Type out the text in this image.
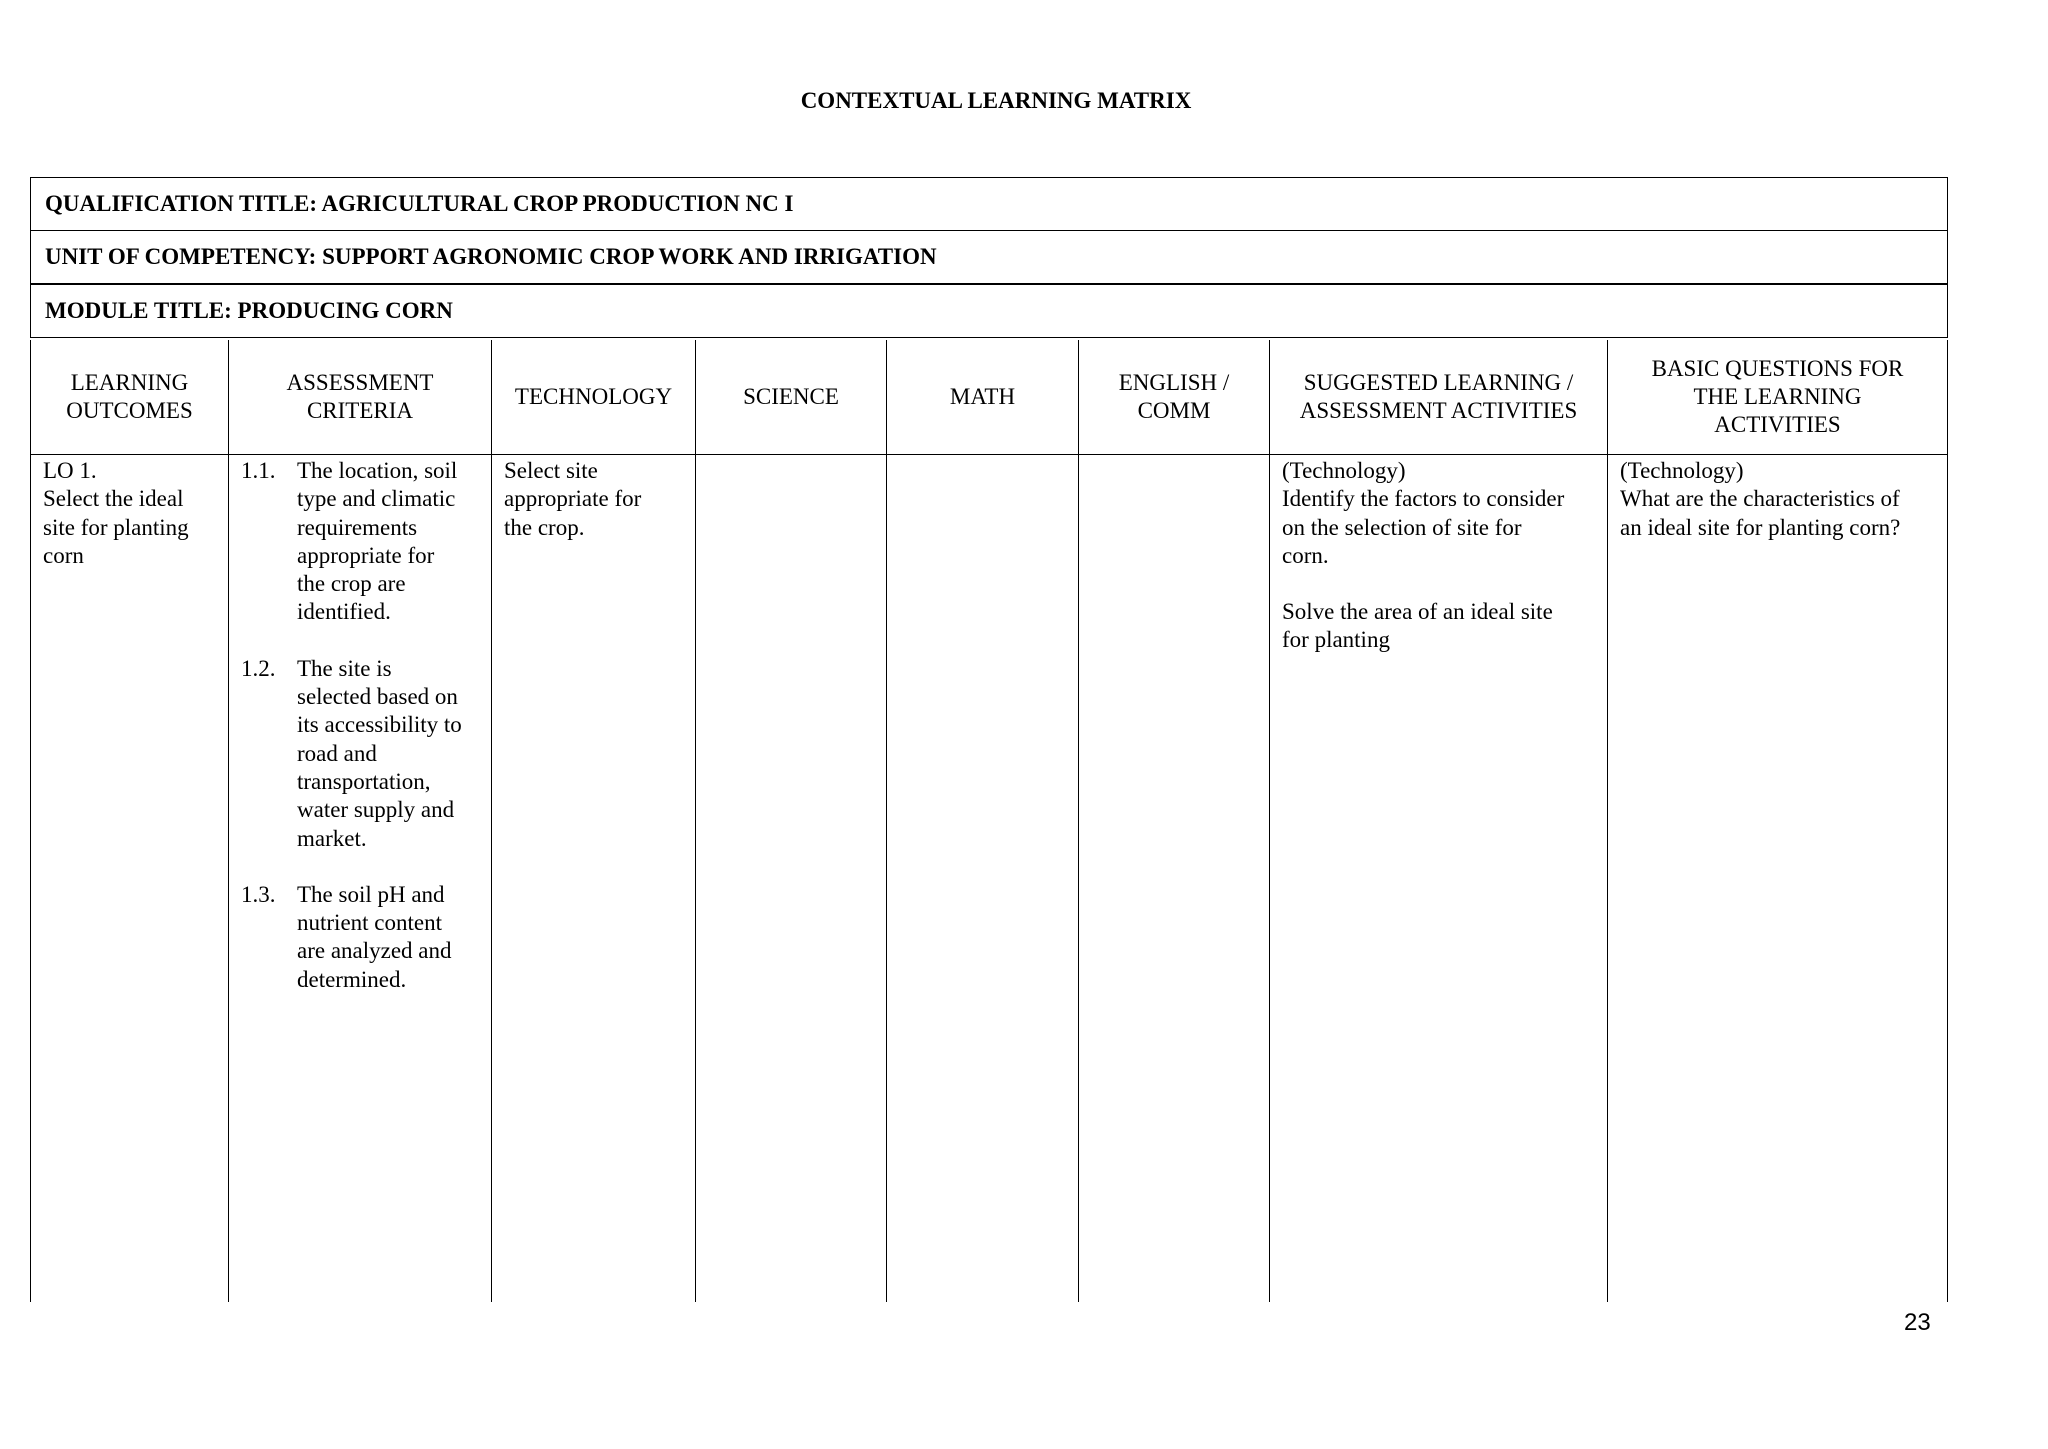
CONTEXTUAL LEARNING MATRIX
QUALIFICATION TITLE: AGRICULTURAL CROP PRODUCTION NC I
UNIT OF COMPETENCY: SUPPORT AGRONOMIC CROP WORK AND IRRIGATION
MODULE TITLE: PRODUCING CORN
LEARNING
OUTCOMES
ASSESSMENT
CRITERIA
TECHNOLOGY	SCIENCE	MATH
ENGLISH /
COMM
SUGGESTED LEARNING /
ASSESSMENT ACTIVITIES
BASIC QUESTIONS FOR
THE LEARNING
ACTIVITIES
LO 1.
Select the ideal
site for planting
corn
1.1. The location, soil
type and climatic
requirements
appropriate for
the crop are
identified.
1.2. The site is
selected based on
its accessibility to
road and
transportation,
water supply and
market.
1.3. The soil pH and
nutrient content
are analyzed and
determined.
Select site
appropriate for
the crop.
(Technology)
Identify the factors to consider
on the selection of site for
corn.
Solve the area of an ideal site
for planting
(Technology)
What are the characteristics of
an ideal site for planting corn?
23
